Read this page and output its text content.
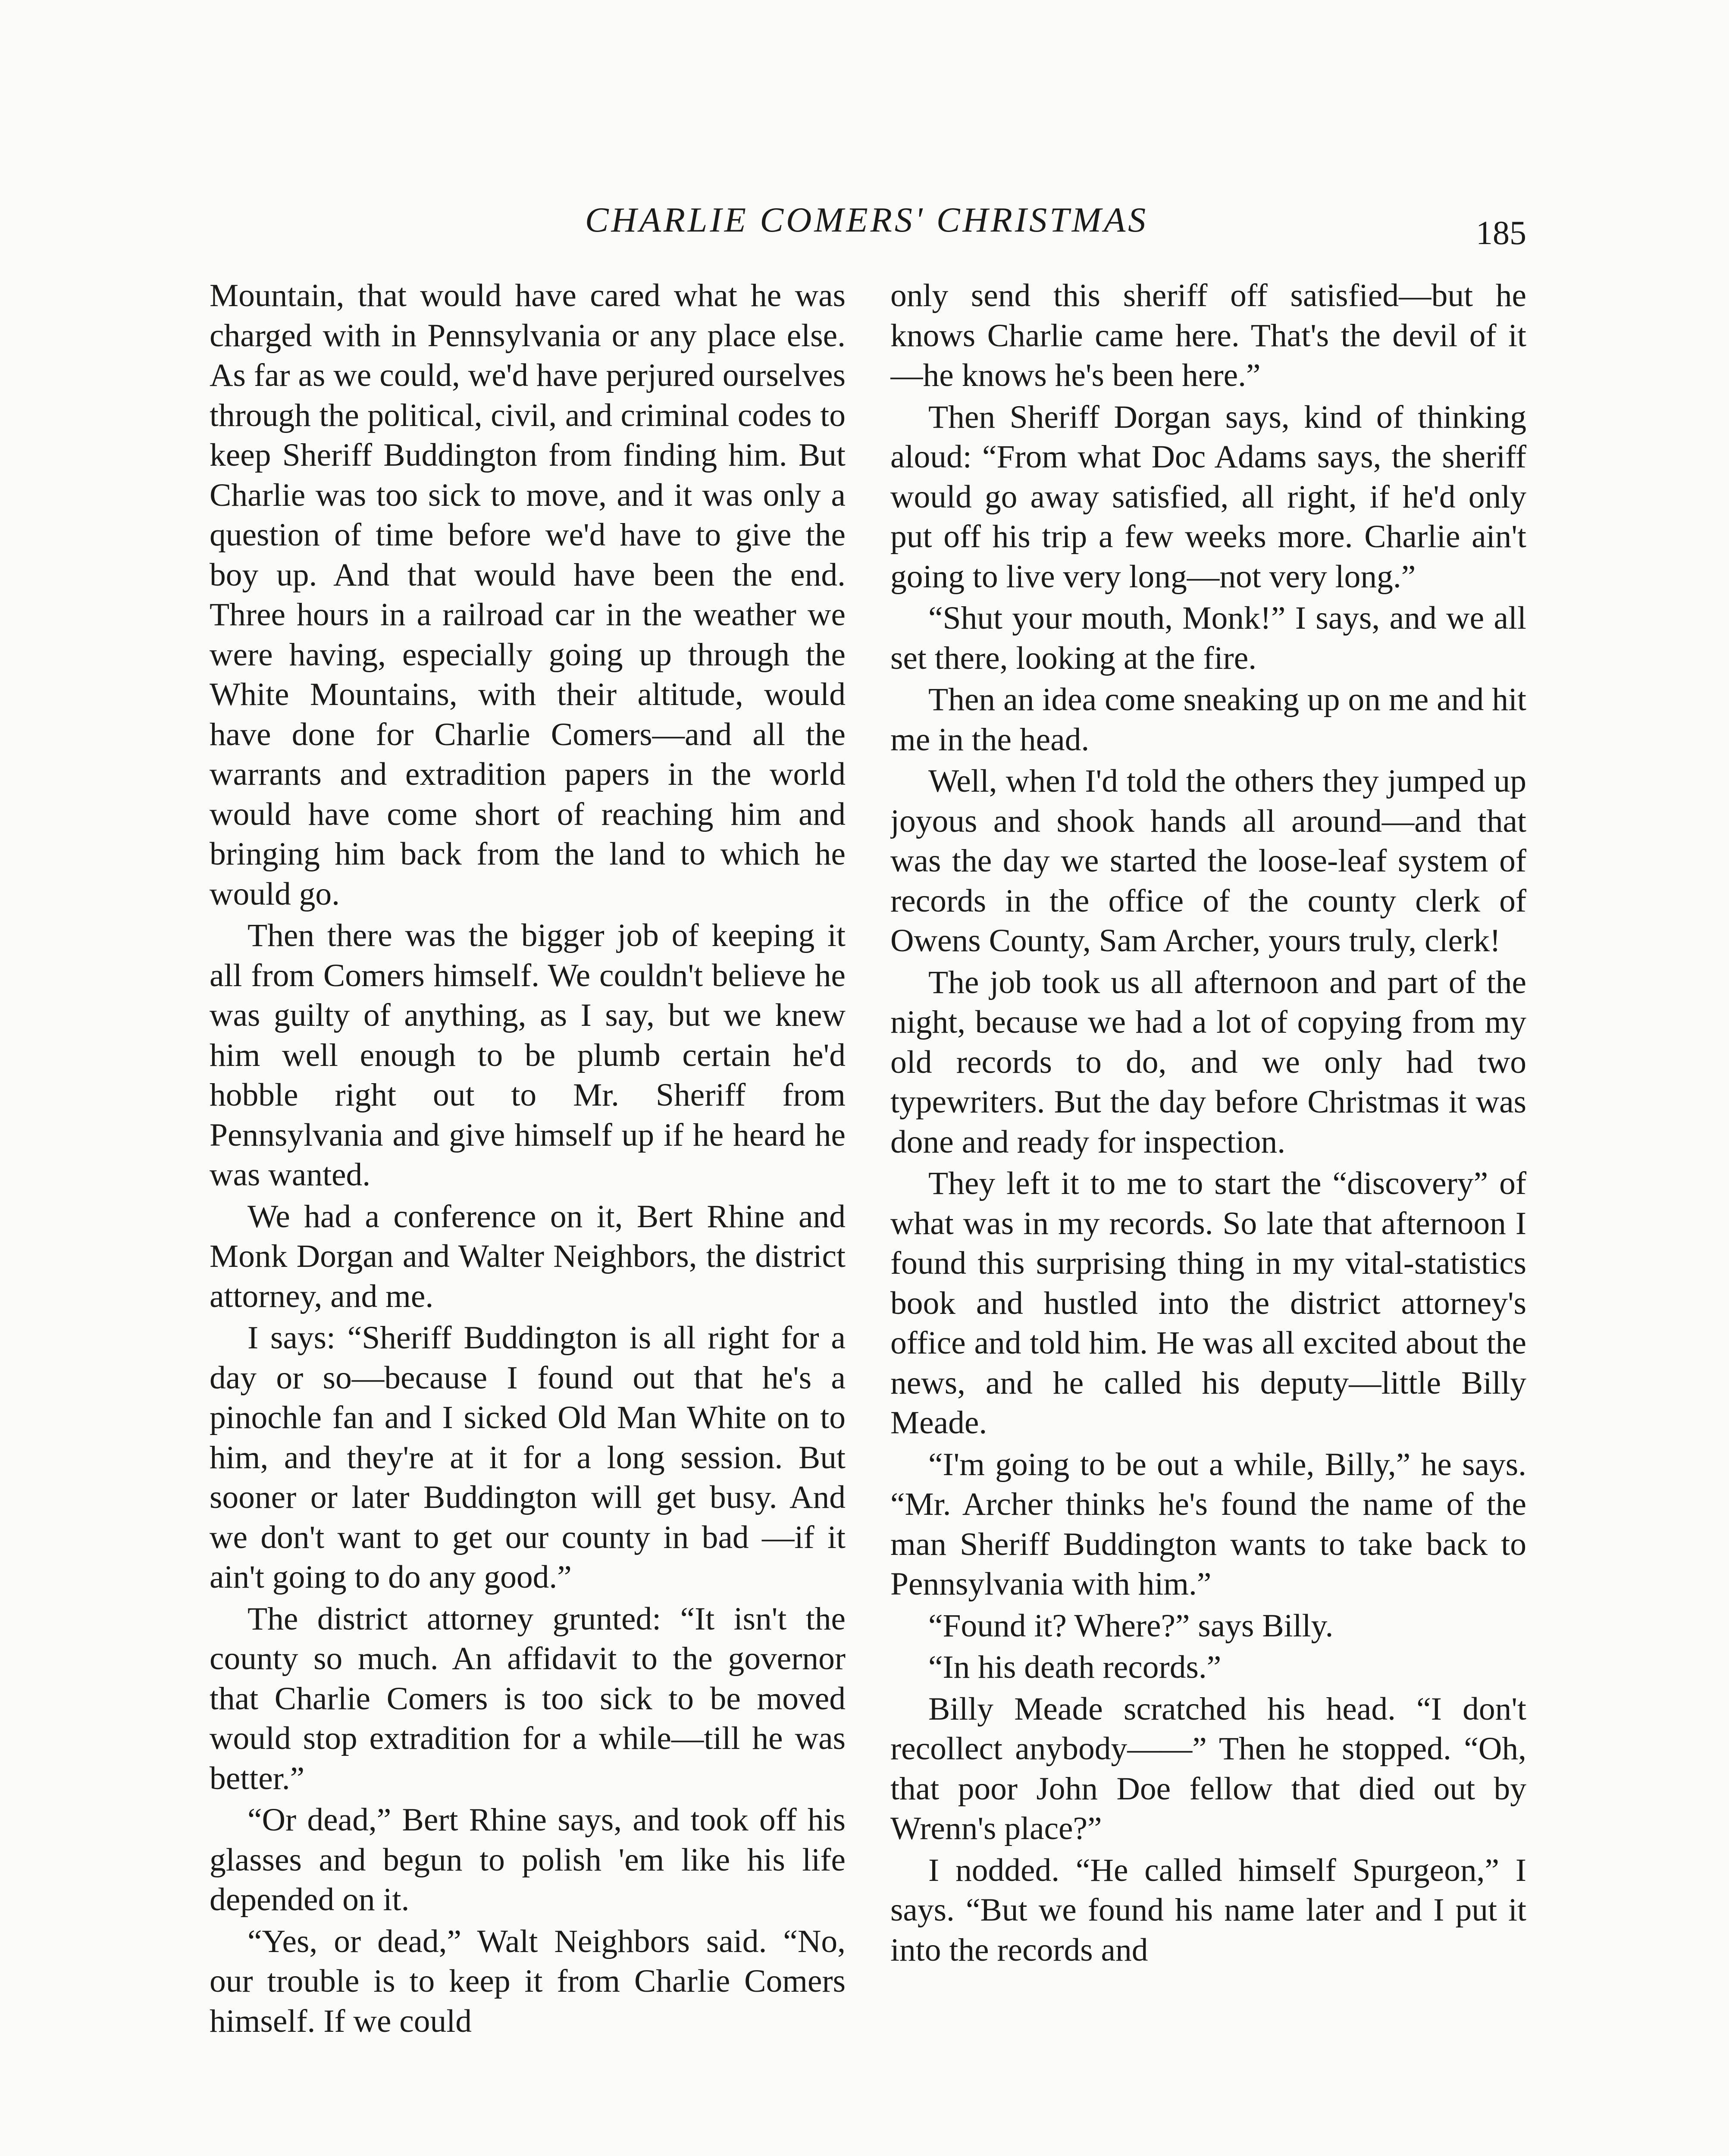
CHARLIE COMERS' CHRISTMAS	185

Mountain, that would have cared what he was charged with in Pennsylvania or any place else. As far as we could, we'd have perjured ourselves through the political, civil, and criminal codes to keep Sheriff Buddington from finding him. But Charlie was too sick to move, and it was only a question of time before we'd have to give the boy up. And that would have been the end. Three hours in a railroad car in the weather we were having, especially going up through the White Mountains, with their altitude, would have done for Charlie Comers—and all the warrants and extradition papers in the world would have come short of reaching him and bringing him back from the land to which he would go.

Then there was the bigger job of keeping it all from Comers himself. We couldn't believe he was guilty of anything, as I say, but we knew him well enough to be plumb certain he'd hobble right out to Mr. Sheriff from Pennsylvania and give himself up if he heard he was wanted.

We had a conference on it, Bert Rhine and Monk Dorgan and Walter Neighbors, the district attorney, and me.

I says: “Sheriff Buddington is all right for a day or so—because I found out that he's a pinochle fan and I sicked Old Man White on to him, and they're at it for a long session. But sooner or later Buddington will get busy. And we don't want to get our county in bad —if it ain't going to do any good.”

The district attorney grunted: “It isn't the county so much. An affidavit to the governor that Charlie Comers is too sick to be moved would stop extradition for a while—till he was better.”

“Or dead,” Bert Rhine says, and took off his glasses and begun to polish 'em like his life depended on it.

“Yes, or dead,” Walt Neighbors said. “No, our trouble is to keep it from Charlie Comers himself. If we could

only send this sheriff off satisfied—but he knows Charlie came here. That's the devil of it—he knows he's been here.”

Then Sheriff Dorgan says, kind of thinking aloud: “From what Doc Adams says, the sheriff would go away satisfied, all right, if he'd only put off his trip a few weeks more. Charlie ain't going to live very long—not very long.”

“Shut your mouth, Monk!” I says, and we all set there, looking at the fire.

Then an idea come sneaking up on me and hit me in the head.

Well, when I'd told the others they jumped up joyous and shook hands all around—and that was the day we started the loose-leaf system of records in the office of the county clerk of Owens County, Sam Archer, yours truly, clerk!

The job took us all afternoon and part of the night, because we had a lot of copying from my old records to do, and we only had two typewriters. But the day before Christmas it was done and ready for inspection.

They left it to me to start the “discovery” of what was in my records. So late that afternoon I found this surprising thing in my vital-statistics book and hustled into the district attorney's office and told him. He was all excited about the news, and he called his deputy—little Billy Meade.

“I'm going to be out a while, Billy,” he says. “Mr. Archer thinks he's found the name of the man Sheriff Buddington wants to take back to Pennsylvania with him.”

“Found it? Where?” says Billy.

“In his death records.”

Billy Meade scratched his head. “I don't recollect anybody——” Then he stopped. “Oh, that poor John Doe fellow that died out by Wrenn's place?”

I nodded. “He called himself Spurgeon,” I says. “But we found his name later and I put it into the records and
